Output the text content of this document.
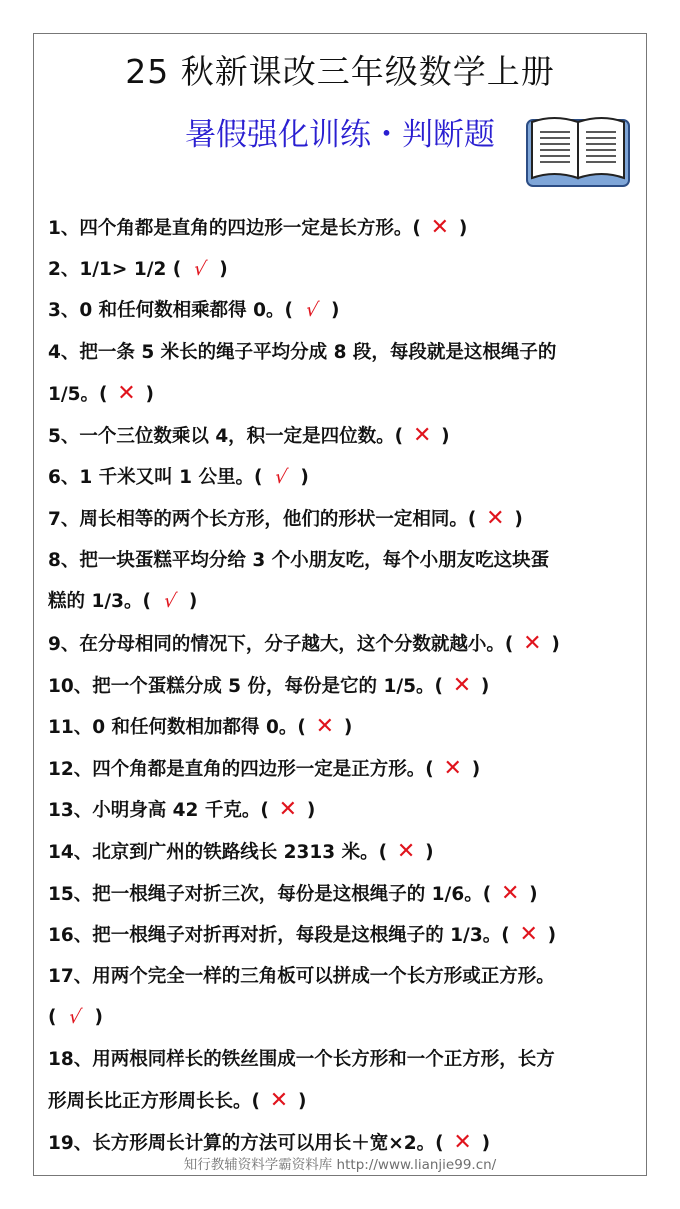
25 秋新课改三年级数学上册
暑假强化训练・判断题
1、四个角都是直角的四边形一定是长方形。( ✕ )
2、1/1> 1/2 ( √ )
3、0 和任何数相乘都得 0。( √ )
4、把一条 5 米长的绳子平均分成 8 段，每段就是这根绳子的
1/5。( ✕ )
5、一个三位数乘以 4，积一定是四位数。( ✕ )
6、1 千米又叫 1 公里。( √ )
7、周长相等的两个长方形，他们的形状一定相同。( ✕ )
8、把一块蛋糕平均分给 3 个小朋友吃，每个小朋友吃这块蛋
糕的 1/3。( √ )
9、在分母相同的情况下，分子越大，这个分数就越小。( ✕ )
10、把一个蛋糕分成 5 份，每份是它的 1/5。( ✕ )
11、0 和任何数相加都得 0。( ✕ )
12、四个角都是直角的四边形一定是正方形。( ✕ )
13、小明身高 42 千克。( ✕ )
14、北京到广州的铁路线长 2313 米。( ✕ )
15、把一根绳子对折三次，每份是这根绳子的 1/6。( ✕ )
16、把一根绳子对折再对折，每段是这根绳子的 1/3。( ✕ )
17、用两个完全一样的三角板可以拼成一个长方形或正方形。
( √ )
18、用两根同样长的铁丝围成一个长方形和一个正方形，长方
形周长比正方形周长长。( ✕ )
19、长方形周长计算的方法可以用长＋宽×2。( ✕ )
知行教辅资料学霸资料库 http://www.lianjie99.cn/
